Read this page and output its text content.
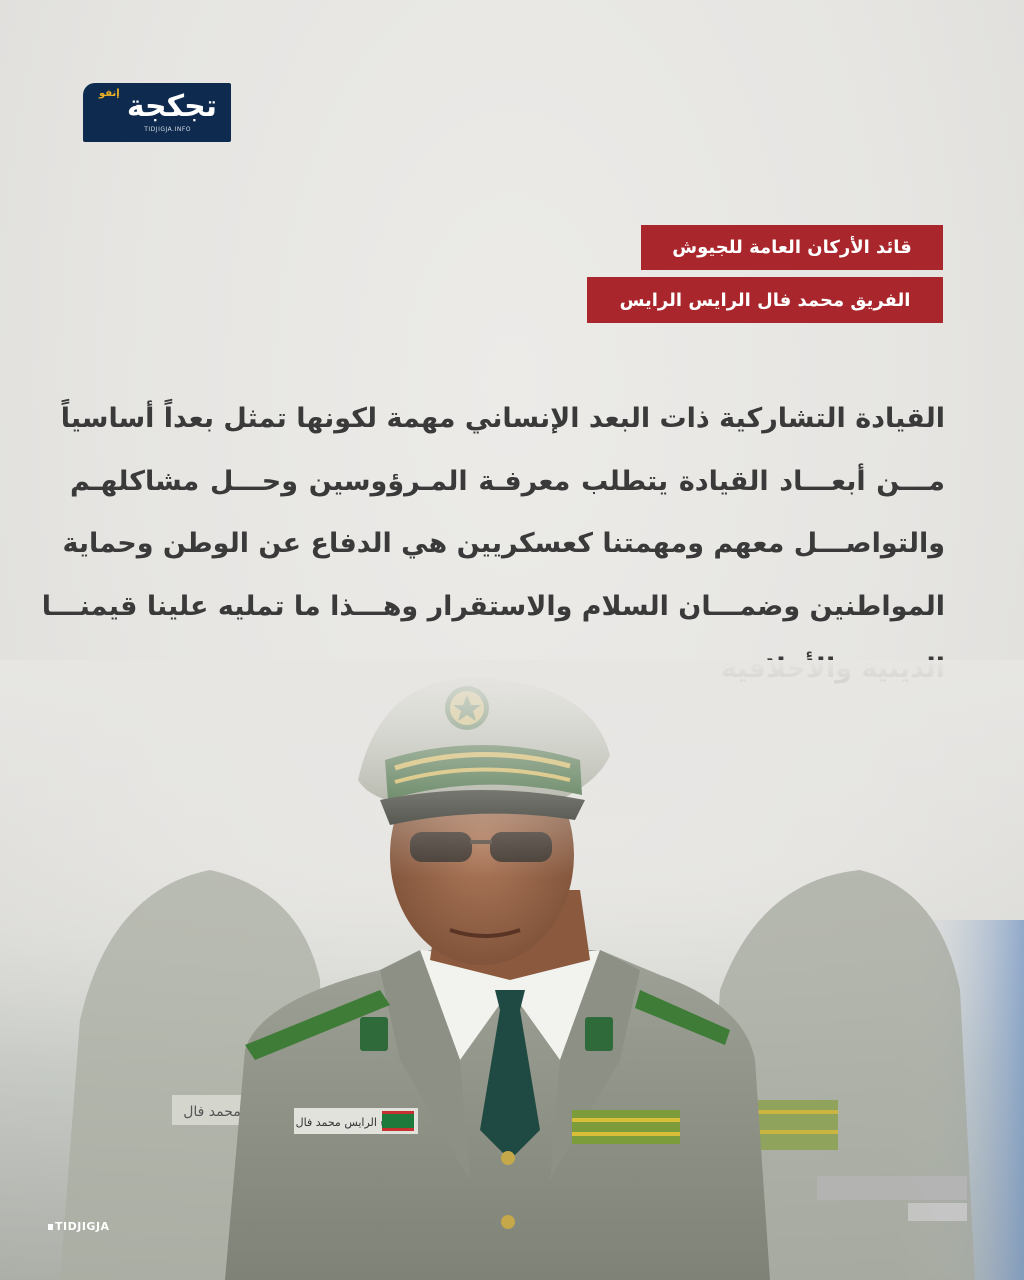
إنفو تجكجة
TIDJIGJA.INFO
قائد الأركان العامة للجيوش
الفريق محمد فال الرايس الرايس
القيادة التشاركية ذات البعد الإنساني مهمة لكونها تمثل بعداً أساسياً
مـــن أبعـــاد القيادة يتطلب معرفـة المـرؤوسين وحـــل مشاكلهـم
والتواصـــل معهم ومهمتنا كعسكريين هي الدفاع عن الوطن وحماية
المواطنين وضمـــان السلام والاستقرار وهـــذا ما تمليه علينا قيمنـــا
TIDJIGJA
